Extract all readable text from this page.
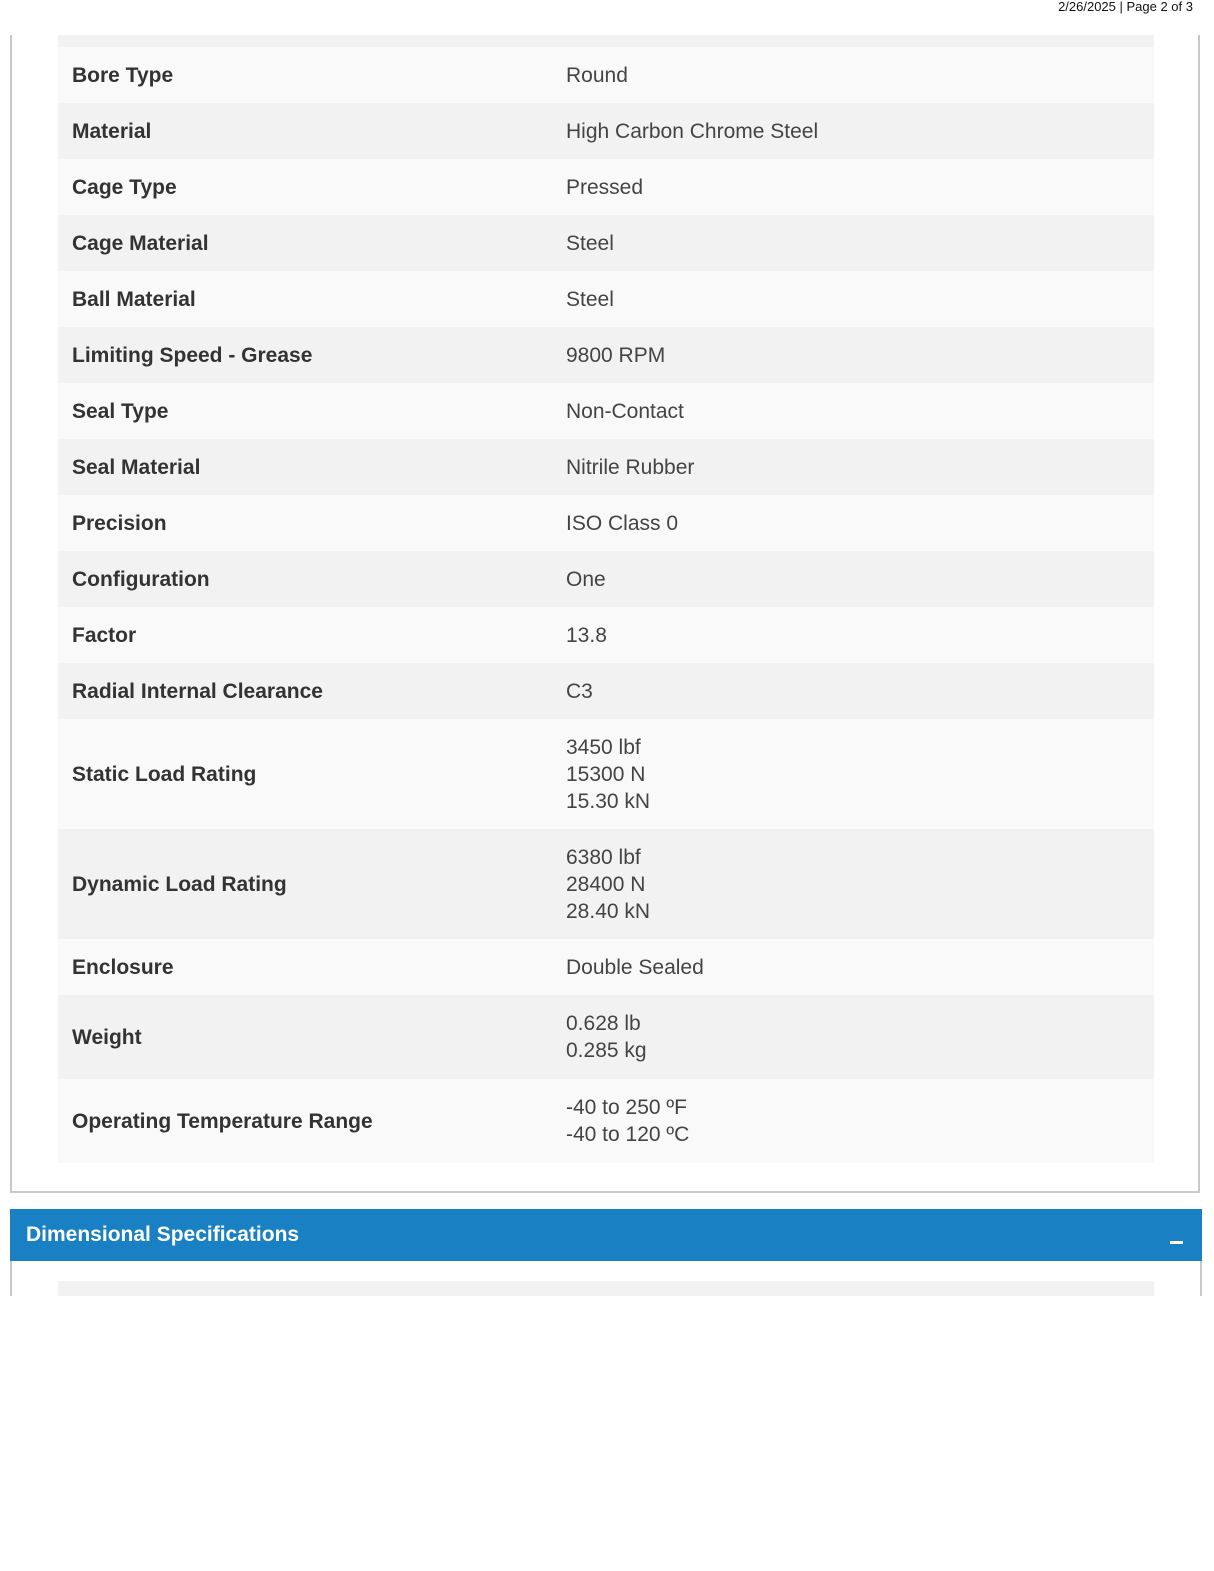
2/26/2025 | Page 2 of 3
Bore Type	Round

Material	High Carbon Chrome Steel

Cage Type	Pressed

Cage Material	Steel

Ball Material	Steel

Limiting Speed - Grease	9800 RPM

Seal Type	Non-Contact

Seal Material	Nitrile Rubber

Precision	ISO Class 0

Configuration	One

Factor	13.8

Radial Internal Clearance	C3

Static Load Rating	3450 lbf
15300 N
15.30 kN

Dynamic Load Rating	6380 lbf
28400 N
28.40 kN

Enclosure	Double Sealed

Weight	0.628 lb
0.285 kg

Operating Temperature Range	-40 to 250 ºF
-40 to 120 ºC
Dimensional Specifications
